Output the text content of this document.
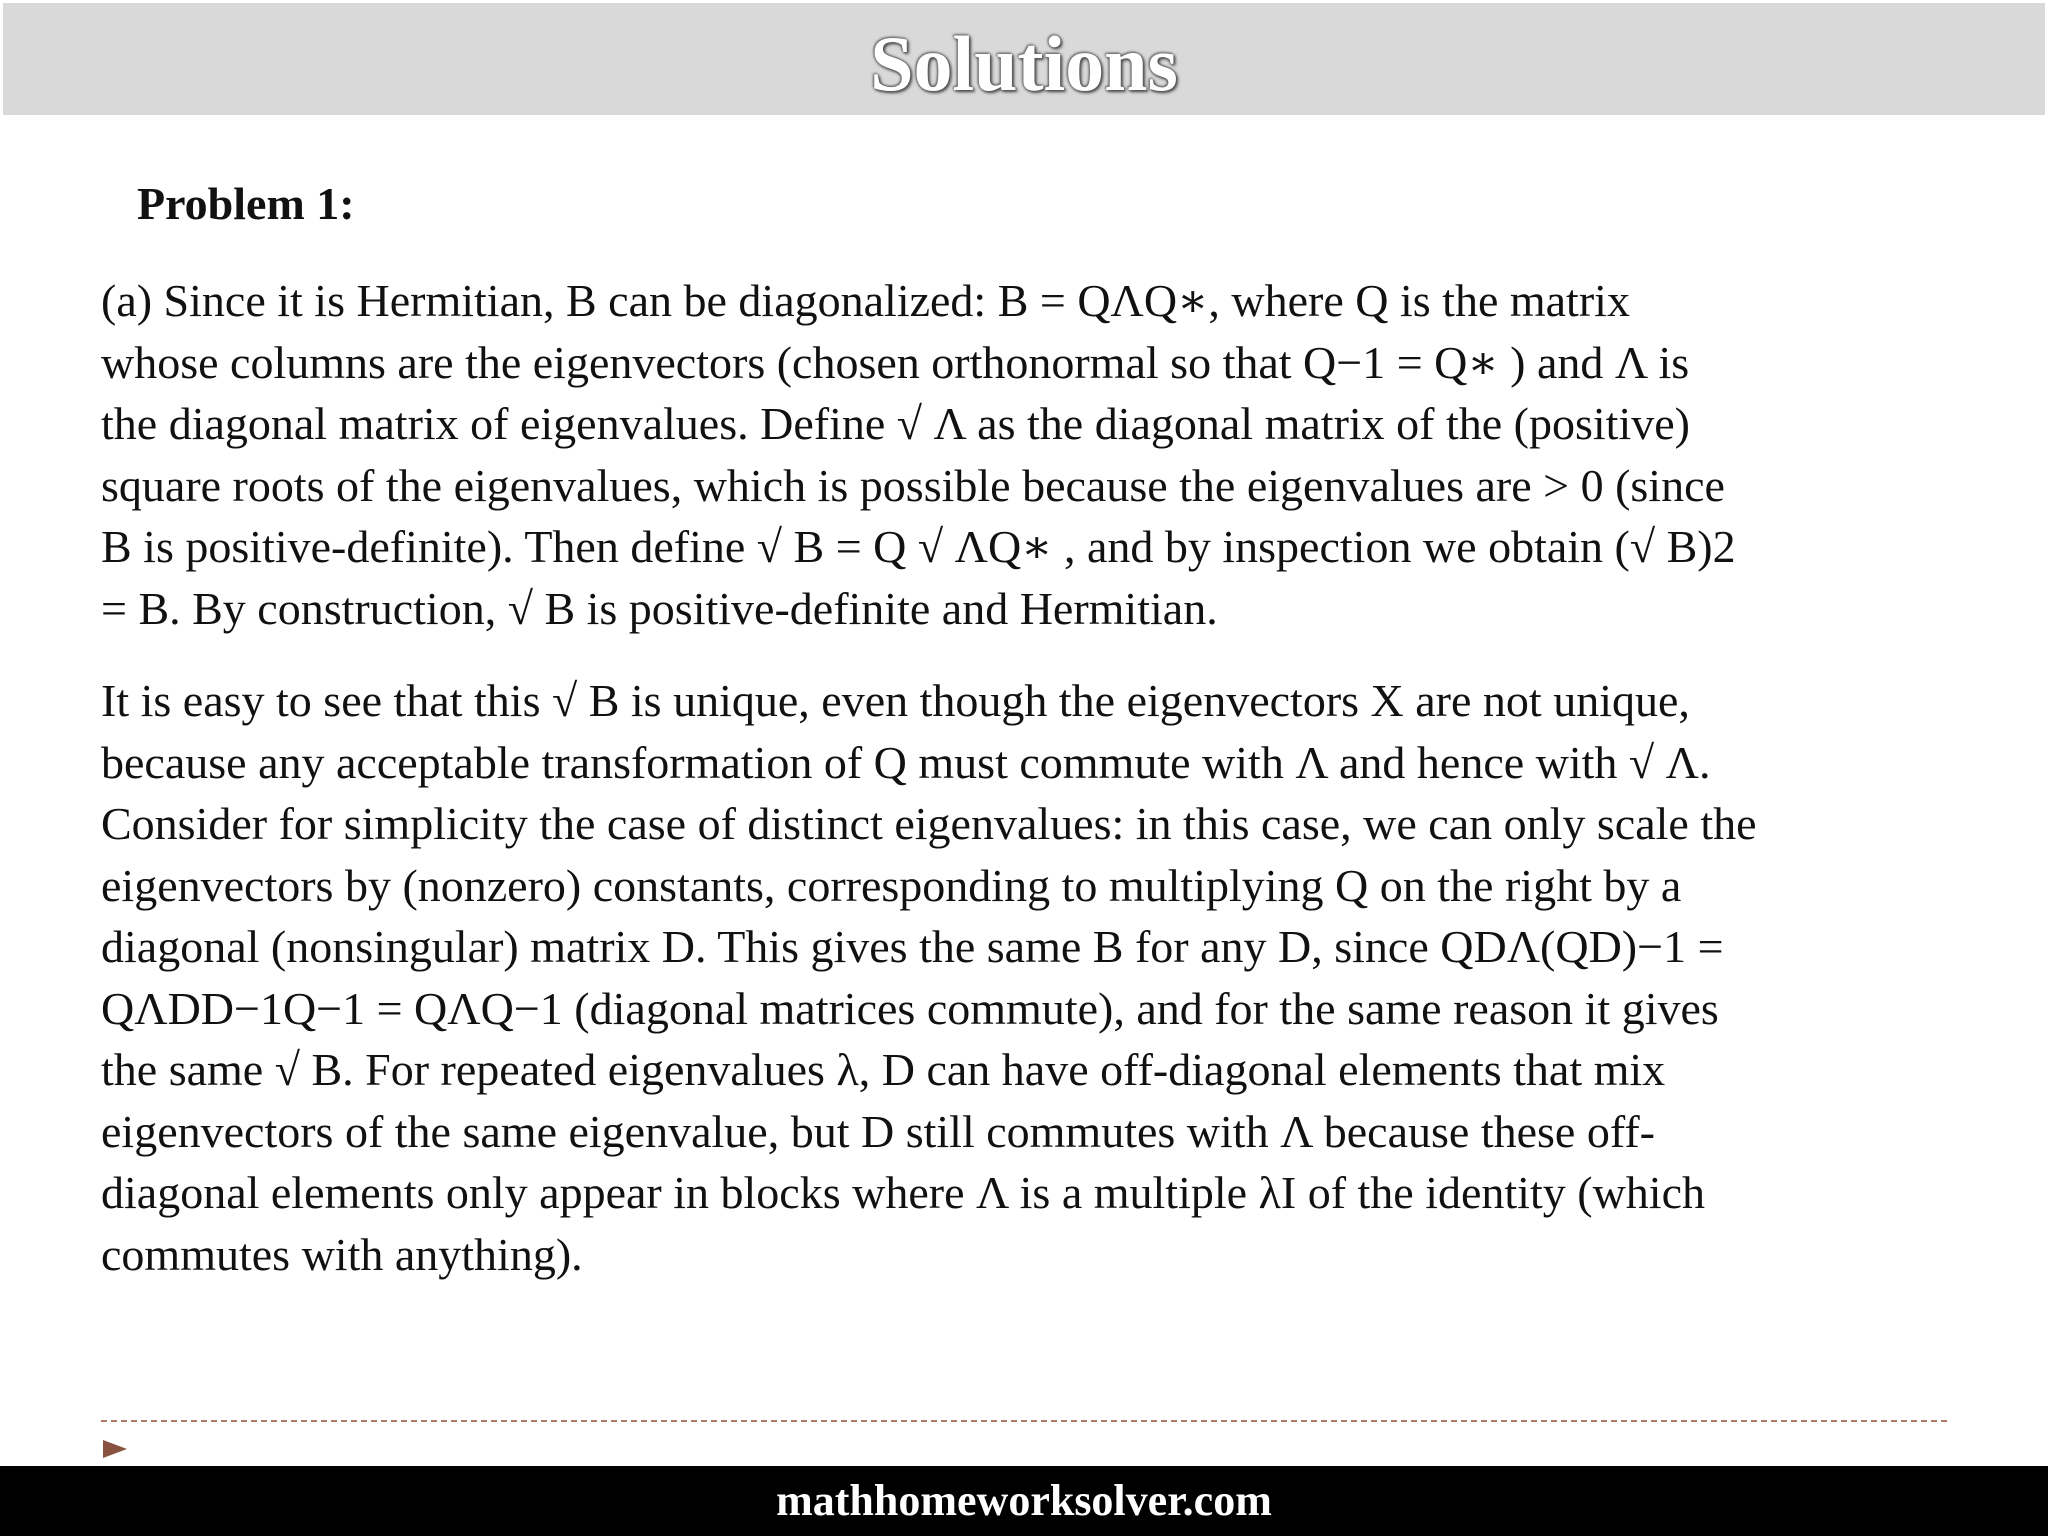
Solutions
Problem 1:
(a) Since it is Hermitian, B can be diagonalized: B = QΛQ∗, where Q is the matrix
whose columns are the eigenvectors (chosen orthonormal so that Q−1 = Q∗ ) and Λ is
the diagonal matrix of eigenvalues. Define √ Λ as the diagonal matrix of the (positive)
square roots of the eigenvalues, which is possible because the eigenvalues are > 0 (since
B is positive-definite). Then define √ B = Q √ ΛQ∗ , and by inspection we obtain (√ B)2
= B. By construction, √ B is positive-definite and Hermitian.
It is easy to see that this √ B is unique, even though the eigenvectors X are not unique,
because any acceptable transformation of Q must commute with Λ and hence with √ Λ.
Consider for simplicity the case of distinct eigenvalues: in this case, we can only scale the
eigenvectors by (nonzero) constants, corresponding to multiplying Q on the right by a
diagonal (nonsingular) matrix D. This gives the same B for any D, since QDΛ(QD)−1 =
QΛDD−1Q−1 = QΛQ−1 (diagonal matrices commute), and for the same reason it gives
the same √ B. For repeated eigenvalues λ, D can have off-diagonal elements that mix
eigenvectors of the same eigenvalue, but D still commutes with Λ because these off-
diagonal elements only appear in blocks where Λ is a multiple λI of the identity (which
commutes with anything).
mathhomeworksolver.com
